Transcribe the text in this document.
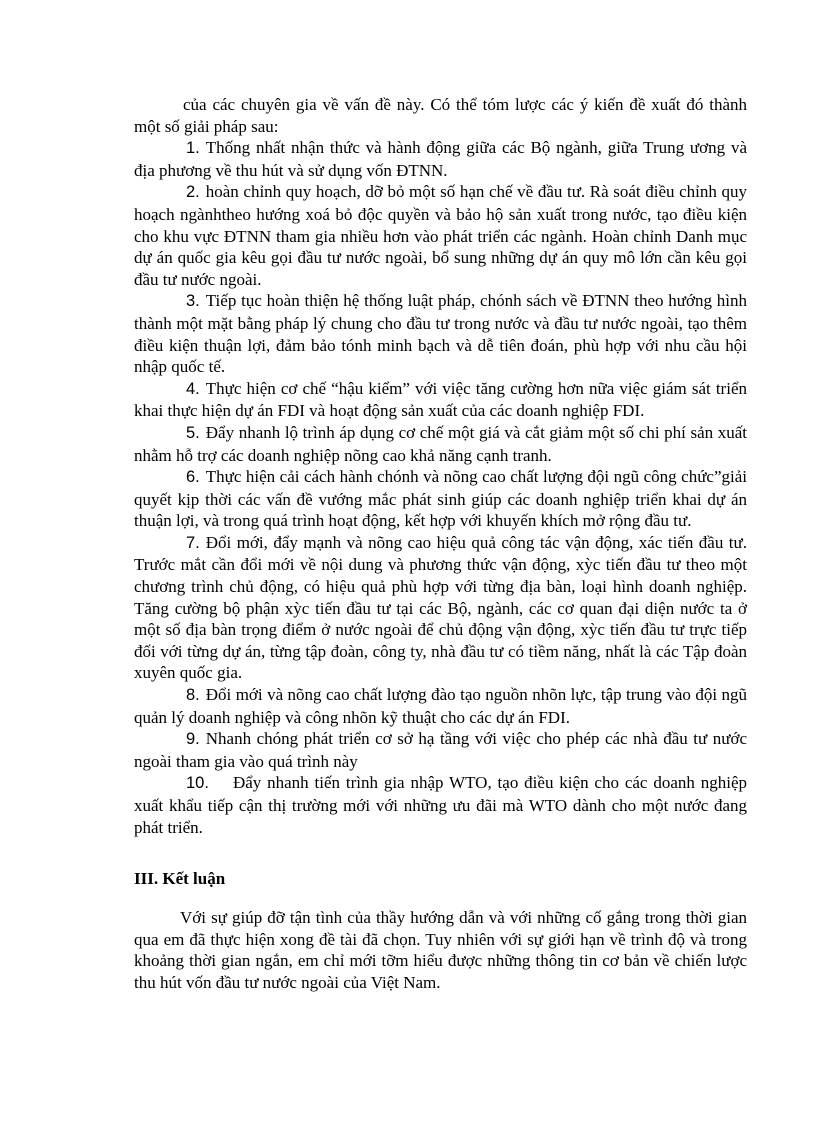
của các chuyên gia về vấn đề này. Có thể tóm lược các ý kiến đề xuất đó thành một số giải pháp sau:

1. Thống nhất nhận thức và hành động giữa các Bộ ngành, giữa Trung ương và địa phương về thu hút và sử dụng vốn ĐTNN.

2. hoàn chỉnh quy hoạch, dỡ bỏ một số hạn chế về đầu tư. Rà soát điều chỉnh quy hoạch ngànhtheo hướng xoá bỏ độc quyền và bảo hộ sản xuất trong nước, tạo điều kiện cho khu vực ĐTNN tham gia nhiều hơn vào phát triển các ngành. Hoàn chỉnh Danh mục dự án quốc gia kêu gọi đầu tư nước ngoài, bổ sung những dự án quy mô lớn cần kêu gọi đầu tư nước ngoài.

3. Tiếp tục hoàn thiện hệ thống luật pháp, chónh sách về ĐTNN theo hướng hình thành một mặt bằng pháp lý chung cho đầu tư trong nước và đầu tư nước ngoài, tạo thêm điều kiện thuận lợi, đảm bảo tónh minh bạch và dễ tiên đoán, phù hợp với nhu cầu hội nhập quốc tế.

4. Thực hiện cơ chế “hậu kiểm” với việc tăng cường hơn nữa việc giám sát triển khai thực hiện dự án FDI và hoạt động sản xuất của các doanh nghiệp FDI.

5. Đẩy nhanh lộ trình áp dụng cơ chế một giá và cắt giảm một số chi phí sản xuất nhằm hỗ trợ các doanh nghiệp nõng cao khả năng cạnh tranh.

6. Thực hiện cải cách hành chónh và nõng cao chất lượng đội ngũ công chức”giải quyết kịp thời các vấn đề vướng mắc phát sinh giúp các doanh nghiệp triển khai dự án thuận lợi, và trong quá trình hoạt động, kết hợp với khuyến khích mở rộng đầu tư.

7. Đổi mới, đẩy mạnh và nõng cao hiệu quả công tác vận động, xác tiến đầu tư. Trước mắt cần đổi mới về nội dung và phương thức vận động, xỳc tiến đầu tư theo một chương trình chủ động, có hiệu quả phù hợp với từng địa bàn, loại hình doanh nghiệp. Tăng cường bộ phận xỳc tiến đầu tư tại các Bộ, ngành, các cơ quan đại diện nước ta ở một số địa bàn trọng điểm ở nước ngoài để chủ động vận động, xỳc tiến đầu tư trực tiếp đối với từng dự án, từng tập đoàn, công ty, nhà đầu tư có tiềm năng, nhất là các Tập đoàn xuyên quốc gia.

8. Đổi mới và nõng cao chất lượng đào tạo nguồn nhõn lực, tập trung vào đội ngũ quản lý doanh nghiệp và công nhõn kỹ thuật cho các dự án FDI.

9. Nhanh chóng phát triển cơ sở hạ tầng với việc cho phép các nhà đầu tư nước ngoài tham gia vào quá trình này

10. Đẩy nhanh tiến trình gia nhập WTO, tạo điều kiện cho các doanh nghiệp xuất khẩu tiếp cận thị trường mới với những ưu đãi mà WTO dành cho một nước đang phát triển.

III. Kết luận

Với sự giúp đỡ tận tình của thầy hướng dẫn và với những cố gắng trong thời gian qua em đã thực hiện xong đề tài đã chọn. Tuy nhiên với sự giới hạn về trình độ và trong khoảng thời gian ngắn, em chỉ mới tỡm hiểu được những thông tin cơ bản về chiến lược thu hút vốn đầu tư nước ngoài của Việt Nam.
